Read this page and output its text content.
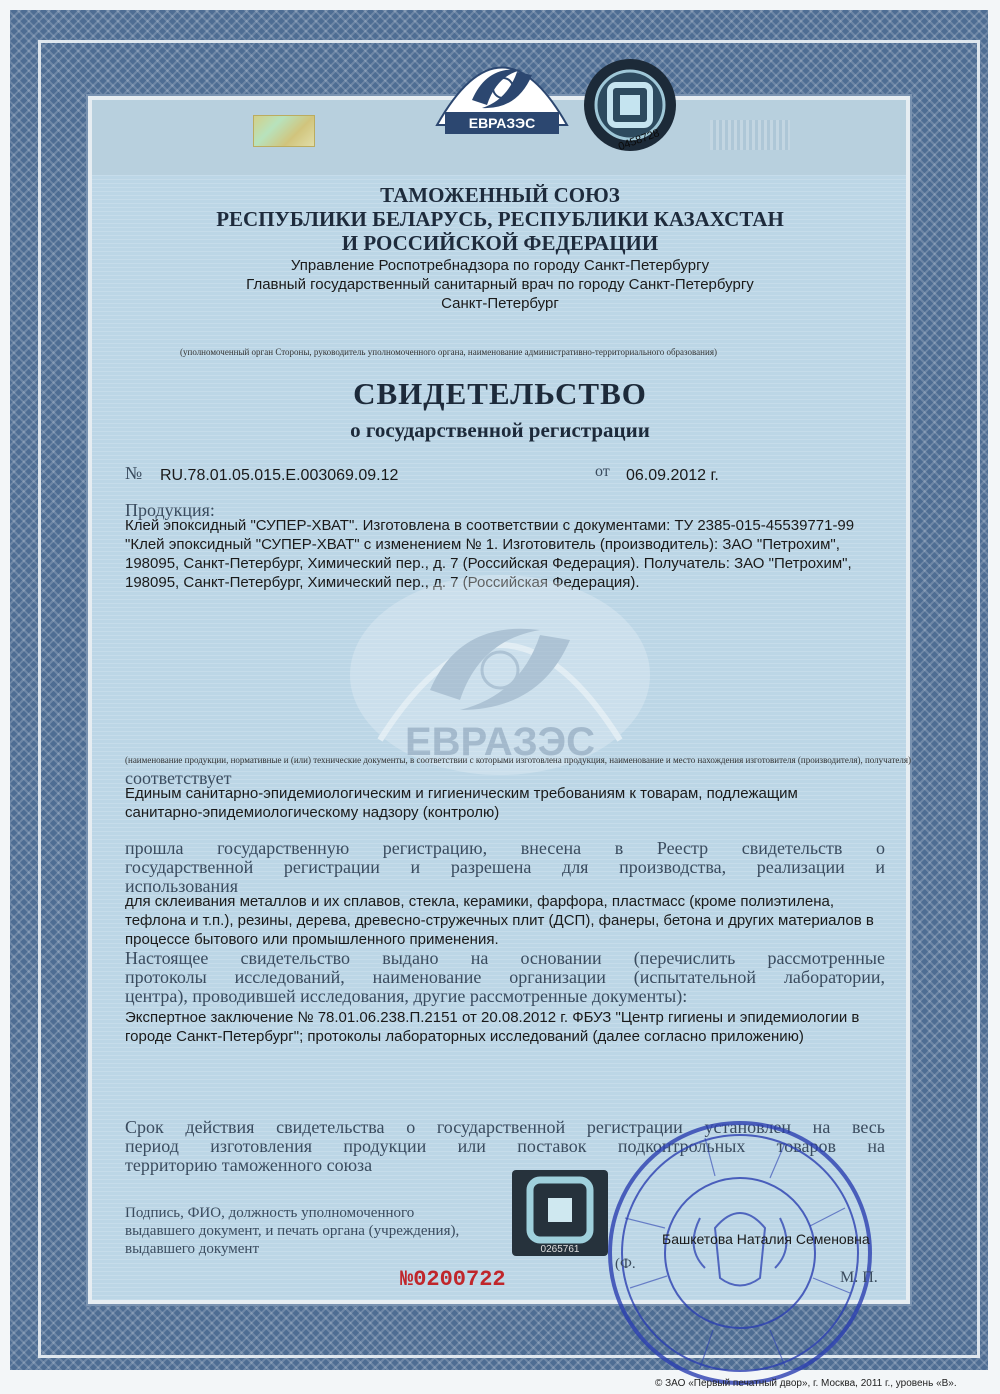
ЕВРАЗЭС
0458728
ТАМОЖЕННЫЙ СОЮЗ
РЕСПУБЛИКИ БЕЛАРУСЬ, РЕСПУБЛИКИ КАЗАХСТАН
И РОССИЙСКОЙ ФЕДЕРАЦИИ
Управление Роспотребнадзора по городу Санкт-Петербургу
Главный государственный санитарный врач по городу Санкт-Петербургу
Санкт-Петербург
(уполномоченный орган Стороны, руководитель уполномоченного органа, наименование административно-территориального образования)
СВИДЕТЕЛЬСТВО
о государственной регистрации
№ RU.78.01.05.015.Е.003069.09.12	от 06.09.2012 г.
Продукция:
Клей эпоксидный "СУПЕР-ХВАТ". Изготовлена в соответствии с документами: ТУ 2385-015-45539771-99
"Клей эпоксидный "СУПЕР-ХВАТ" с изменением № 1. Изготовитель (производитель): ЗАО "Петрохим",
198095, Санкт-Петербург, Химический пер., д. 7 (Российская Федерация). Получатель: ЗАО "Петрохим",
198095, Санкт-Петербург, Химический пер., д. 7 (Российская Федерация).
ЕВРАЗЭС
(наименование продукции, нормативные и (или) технические документы, в соответствии с которыми изготовлена продукция, наименование и место нахождения изготовителя (производителя), получателя)
соответствует
Единым санитарно-эпидемиологическим и гигиеническим требованиям к товарам, подлежащим
санитарно-эпидемиологическому надзору (контролю)
прошла государственную регистрацию, внесена в Реестр свидетельств о
государственной регистрации и разрешена для производства, реализации и
использования
для склеивания металлов и их сплавов, стекла, керамики, фарфора, пластмасс (кроме полиэтилена,
тефлона и т.п.), резины, дерева, древесно-стружечных плит (ДСП), фанеры, бетона и других материалов в
процессе бытового или промышленного применения.
Настоящее свидетельство выдано на основании (перечислить рассмотренные
протоколы исследований, наименование организации (испытательной лаборатории,
центра), проводившей исследования, другие рассмотренные документы):
Экспертное заключение № 78.01.06.238.П.2151 от 20.08.2012 г. ФБУЗ "Центр гигиены и эпидемиологии в
городе Санкт-Петербург"; протоколы лабораторных исследований (далее согласно приложению)
Срок действия свидетельства о государственной регистрации установлен на весь
период изготовления продукции или поставок подконтрольных товаров на
территорию таможенного союза
Подпись, ФИО, должность уполномоченного
выдавшего документ, и печать органа (учреждения),
выдавшего документ	0265761
Башкетова Наталия Семеновна
(Ф.
М. П.
№0200722
© ЗАО «Первый печатный двор», г. Москва, 2011 г., уровень «В».
